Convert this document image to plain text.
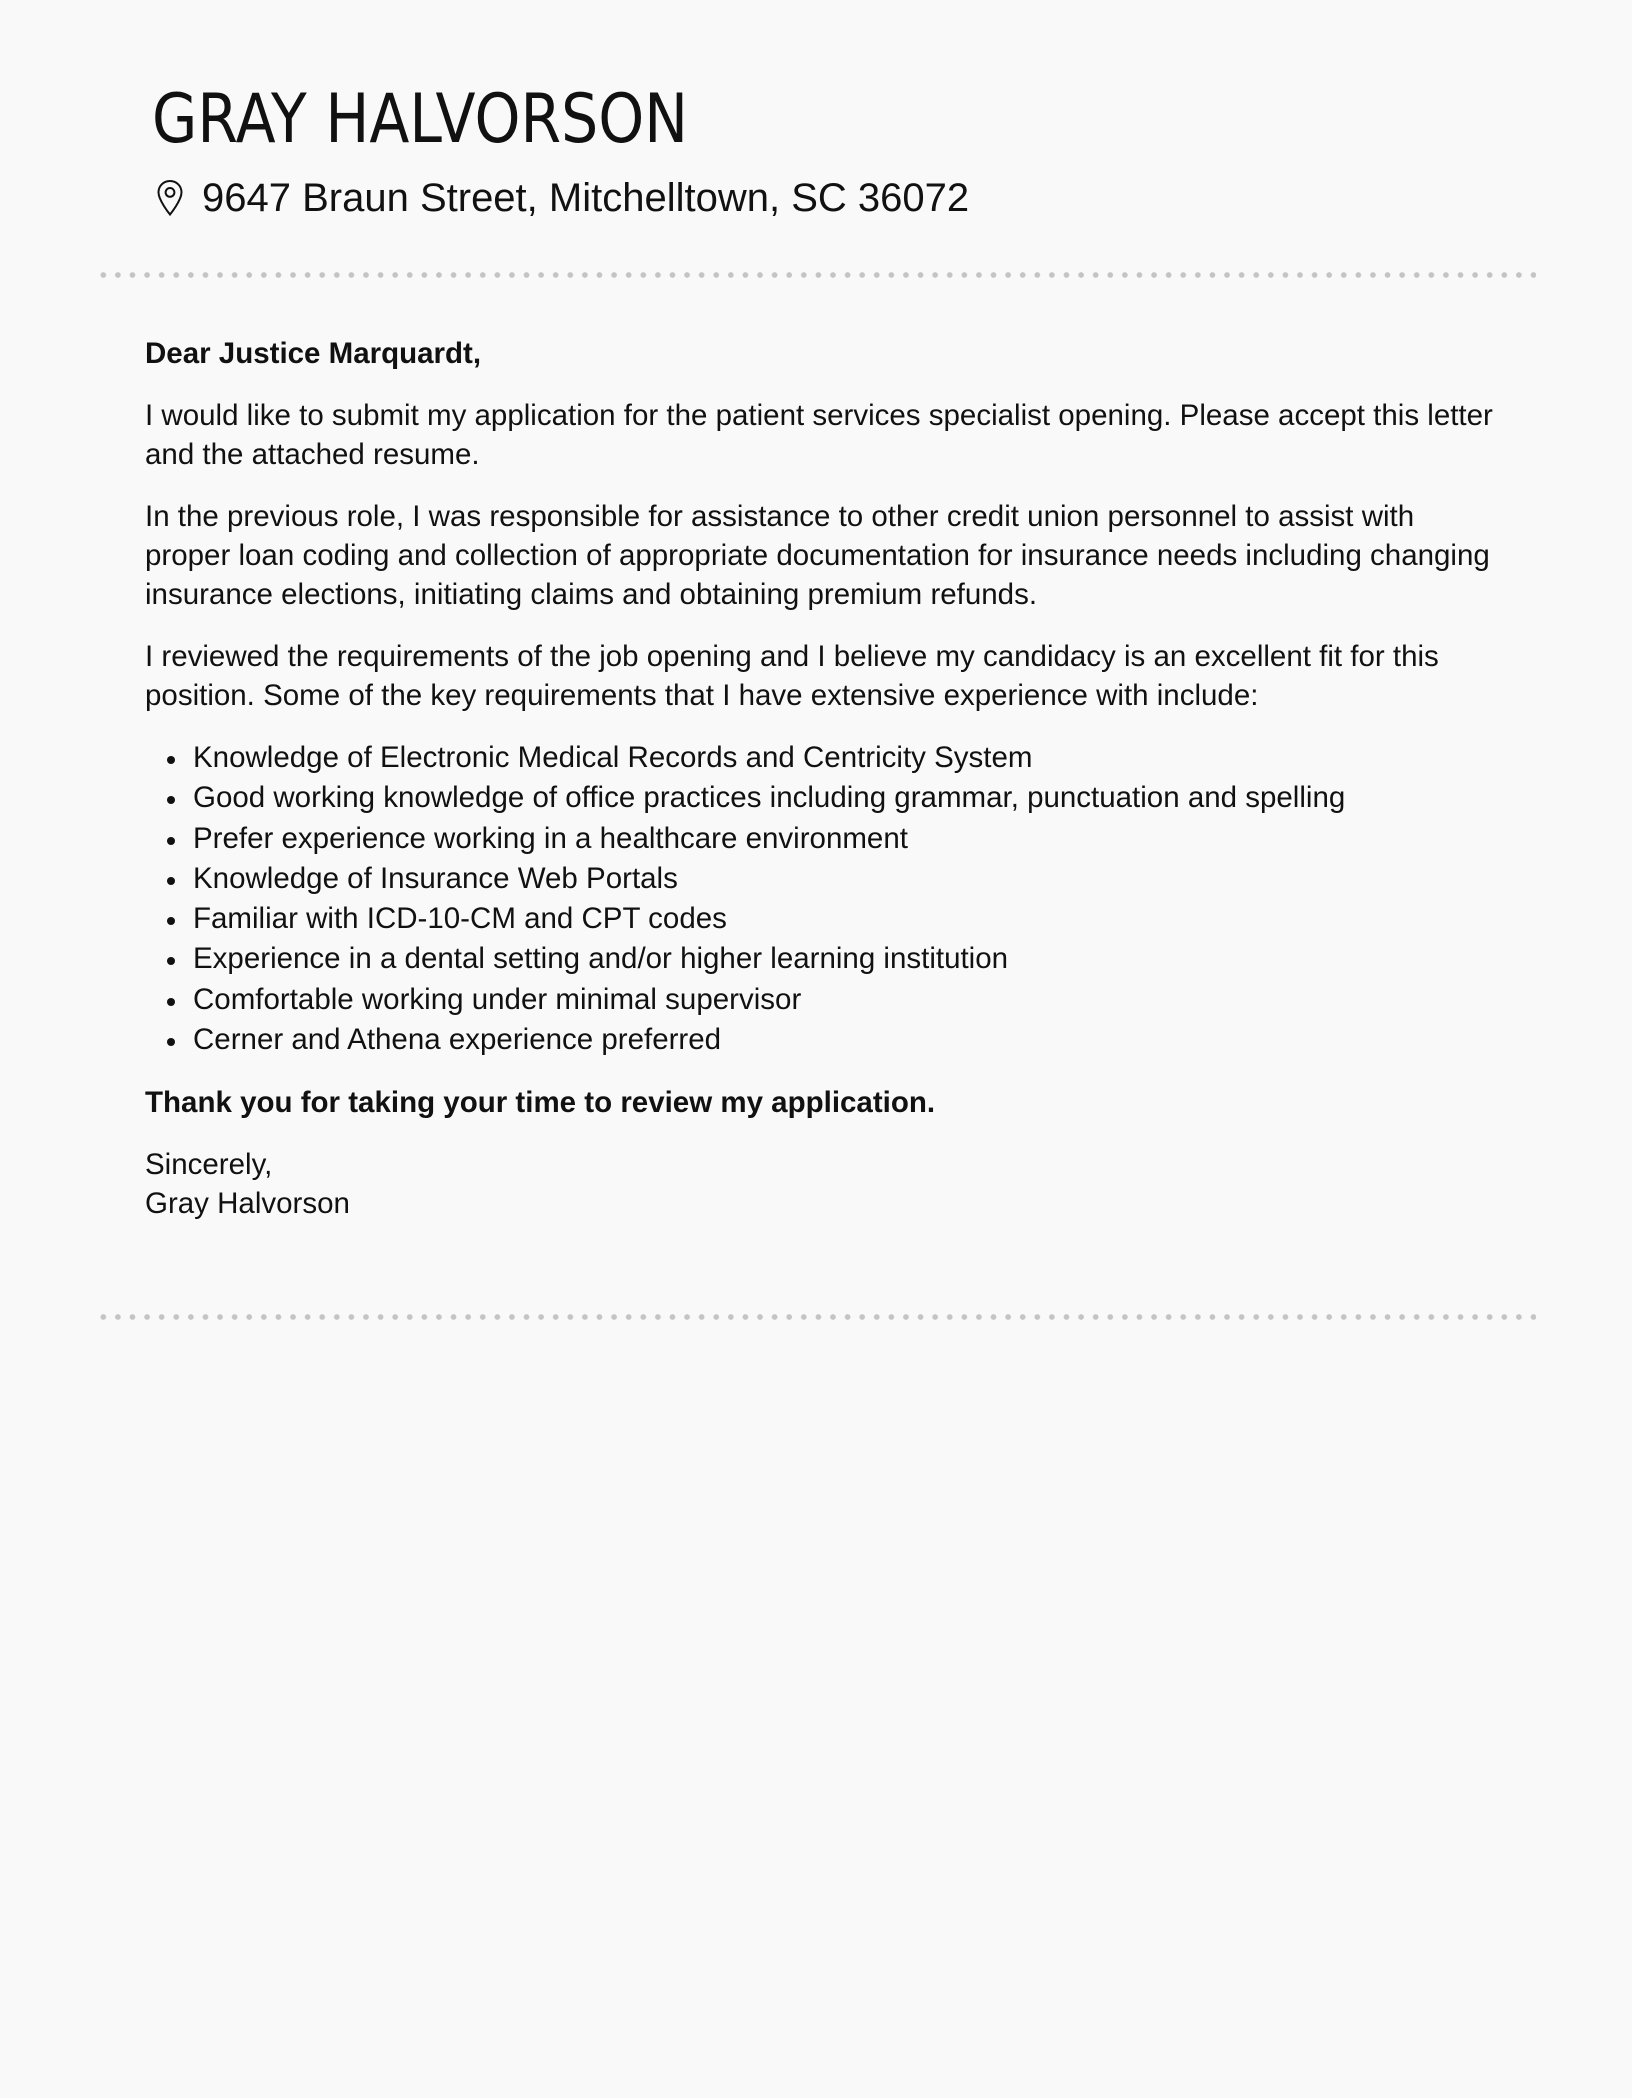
GRAY HALVORSON
9647 Braun Street, Mitchelltown, SC 36072

Dear Justice Marquardt,

I would like to submit my application for the patient services specialist opening. Please accept this letter and the attached resume.

In the previous role, I was responsible for assistance to other credit union personnel to assist with proper loan coding and collection of appropriate documentation for insurance needs including changing insurance elections, initiating claims and obtaining premium refunds.

I reviewed the requirements of the job opening and I believe my candidacy is an excellent fit for this position. Some of the key requirements that I have extensive experience with include:

Knowledge of Electronic Medical Records and Centricity System
Good working knowledge of office practices including grammar, punctuation and spelling
Prefer experience working in a healthcare environment
Knowledge of Insurance Web Portals
Familiar with ICD-10-CM and CPT codes
Experience in a dental setting and/or higher learning institution
Comfortable working under minimal supervisor
Cerner and Athena experience preferred

Thank you for taking your time to review my application.

Sincerely,
Gray Halvorson
